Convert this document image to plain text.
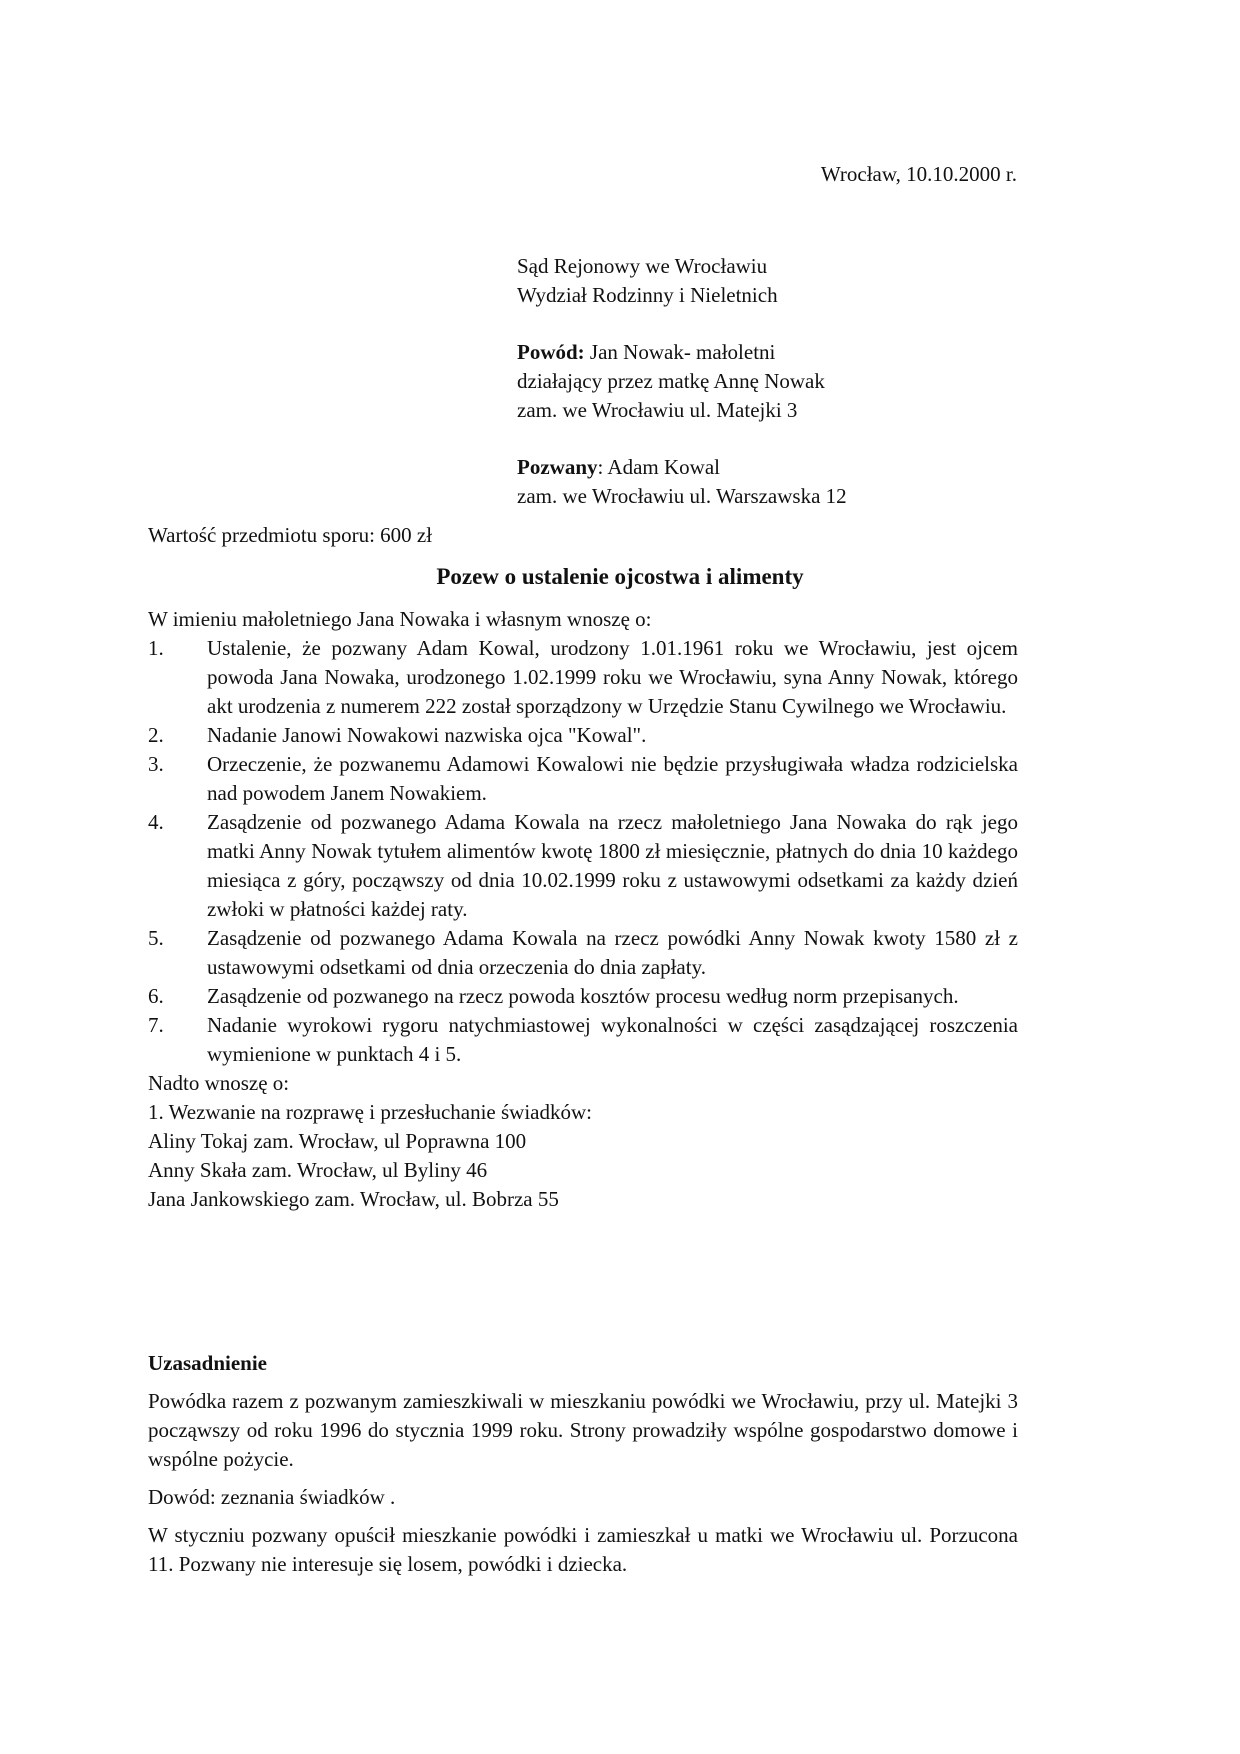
Wrocław, 10.10.2000 r.

Sąd Rejonowy we Wrocławiu

Wydział Rodzinny i Nieletnich

Powód: Jan Nowak- małoletni

działający przez matkę Annę Nowak

zam. we Wrocławiu ul. Matejki 3

Pozwany: Adam Kowal

zam. we Wrocławiu ul. Warszawska 12

Wartość przedmiotu sporu: 600 zł
Pozew o ustalenie ojcostwa i alimenty

W imieniu małoletniego Jana Nowaka i własnym wnoszę o:

1.	Ustalenie, że pozwany Adam Kowal, urodzony 1.01.1961 roku we Wrocławiu, jest ojcem powoda Jana Nowaka, urodzonego 1.02.1999 roku we Wrocławiu, syna Anny Nowak, którego akt urodzenia z numerem 222 został sporządzony w Urzędzie Stanu Cywilnego we Wrocławiu.
2.	Nadanie Janowi Nowakowi nazwiska ojca "Kowal".
3.	Orzeczenie, że pozwanemu Adamowi Kowalowi nie będzie przysługiwała władza rodzicielska nad powodem Janem Nowakiem.
4.	Zasądzenie od pozwanego Adama Kowala na rzecz małoletniego Jana Nowaka do rąk jego matki Anny Nowak tytułem alimentów kwotę 1800 zł miesięcznie, płatnych do dnia 10 każdego miesiąca z góry, począwszy od dnia 10.02.1999 roku z ustawowymi odsetkami za każdy dzień zwłoki w płatności każdej raty.
5.	Zasądzenie od pozwanego Adama Kowala na rzecz powódki Anny Nowak kwoty 1580 zł z ustawowymi odsetkami od dnia orzeczenia do dnia zapłaty.
6.	Zasądzenie od pozwanego na rzecz powoda kosztów procesu według norm przepisanych.
7.	Nadanie wyrokowi rygoru natychmiastowej wykonalności w części zasądzającej roszczenia wymienione w punktach 4 i 5.

Nadto wnoszę o:

1. Wezwanie na rozprawę i przesłuchanie świadków:

Aliny Tokaj zam. Wrocław, ul Poprawna 100

Anny Skała zam. Wrocław, ul Byliny 46

Jana Jankowskiego zam. Wrocław, ul. Bobrza 55

Uzasadnienie

Powódka razem z pozwanym zamieszkiwali w mieszkaniu powódki we Wrocławiu, przy ul. Matejki 3 począwszy od roku 1996 do stycznia 1999 roku. Strony prowadziły wspólne gospodarstwo domowe i wspólne pożycie.

Dowód: zeznania świadków .

W styczniu pozwany opuścił mieszkanie powódki i zamieszkał u matki we Wrocławiu ul. Porzucona 11. Pozwany nie interesuje się losem, powódki i dziecka.
